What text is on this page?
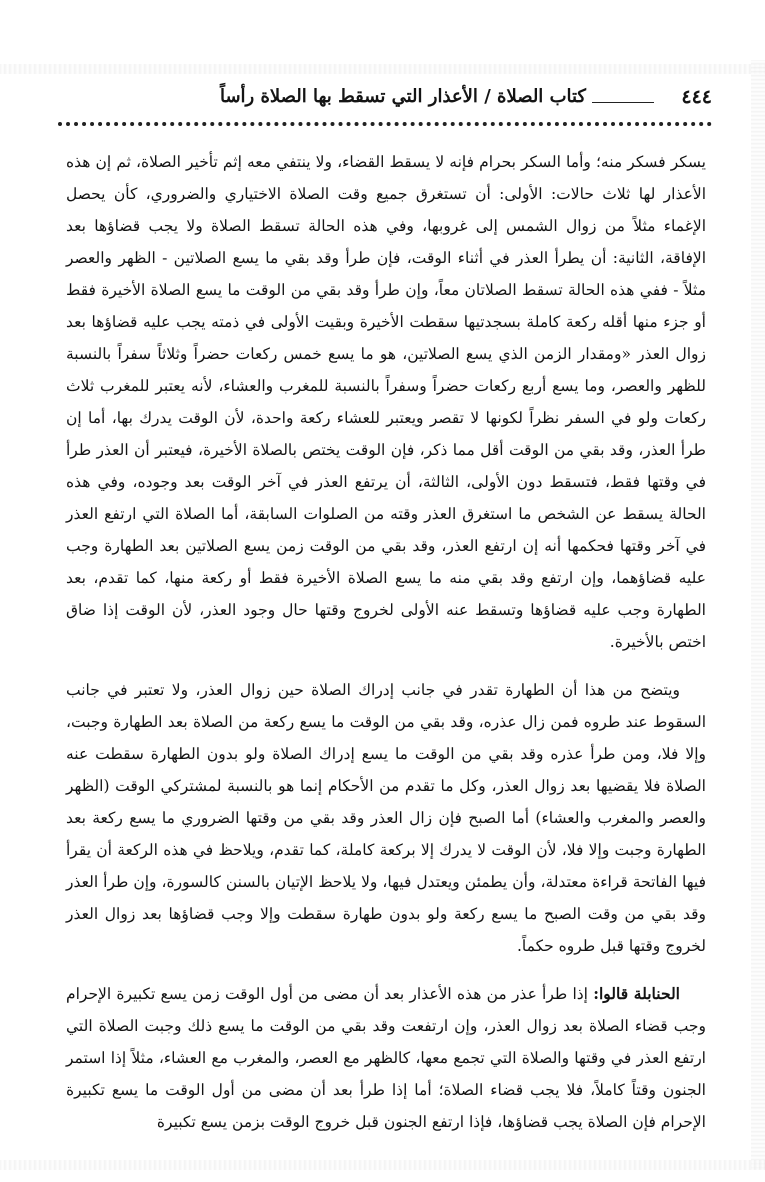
٤٤٤
كتاب الصلاة / الأعذار التي تسقط بها الصلاة رأساً

يسكر فسكر منه؛ وأما السكر بحرام فإنه لا يسقط القضاء، ولا ينتفي معه إثم تأخير الصلاة، ثم إن هذه الأعذار لها ثلاث حالات: الأولى: أن تستغرق جميع وقت الصلاة الاختياري والضروري، كأن يحصل الإغماء مثلاً من زوال الشمس إلى غروبها، وفي هذه الحالة تسقط الصلاة ولا يجب قضاؤها بعد الإفاقة، الثانية: أن يطرأ العذر في أثناء الوقت، فإن طرأ وقد بقي ما يسع الصلاتين - الظهر والعصر مثلاً - ففي هذه الحالة تسقط الصلاتان معاً، وإن طرأ وقد بقي من الوقت ما يسع الصلاة الأخيرة فقط أو جزء منها أقله ركعة كاملة بسجدتيها سقطت الأخيرة وبقيت الأولى في ذمته يجب عليه قضاؤها بعد زوال العذر «ومقدار الزمن الذي يسع الصلاتين، هو ما يسع خمس ركعات حضراً وثلاثاً سفراً بالنسبة للظهر والعصر، وما يسع أربع ركعات حضراً وسفراً بالنسبة للمغرب والعشاء، لأنه يعتبر للمغرب ثلاث ركعات ولو في السفر نظراً لكونها لا تقصر ويعتبر للعشاء ركعة واحدة، لأن الوقت يدرك بها، أما إن طرأ العذر، وقد بقي من الوقت أقل مما ذكر، فإن الوقت يختص بالصلاة الأخيرة، فيعتبر أن العذر طرأ في وقتها فقط، فتسقط دون الأولى، الثالثة، أن يرتفع العذر في آخر الوقت بعد وجوده، وفي هذه الحالة يسقط عن الشخص ما استغرق العذر وقته من الصلوات السابقة، أما الصلاة التي ارتفع العذر في آخر وقتها فحكمها أنه إن ارتفع العذر، وقد بقي من الوقت زمن يسع الصلاتين بعد الطهارة وجب عليه قضاؤهما، وإن ارتفع وقد بقي منه ما يسع الصلاة الأخيرة فقط أو ركعة منها، كما تقدم، بعد الطهارة وجب عليه قضاؤها وتسقط عنه الأولى لخروج وقتها حال وجود العذر، لأن الوقت إذا ضاق اختص بالأخيرة.

ويتضح من هذا أن الطهارة تقدر في جانب إدراك الصلاة حين زوال العذر، ولا تعتبر في جانب السقوط عند طروه فمن زال عذره، وقد بقي من الوقت ما يسع ركعة من الصلاة بعد الطهارة وجبت، وإلا فلا، ومن طرأ عذره وقد بقي من الوقت ما يسع إدراك الصلاة ولو بدون الطهارة سقطت عنه الصلاة فلا يقضيها بعد زوال العذر، وكل ما تقدم من الأحكام إنما هو بالنسبة لمشتركي الوقت (الظهر والعصر والمغرب والعشاء) أما الصبح فإن زال العذر وقد بقي من وقتها الضروري ما يسع ركعة بعد الطهارة وجبت وإلا فلا، لأن الوقت لا يدرك إلا بركعة كاملة، كما تقدم، ويلاحظ في هذه الركعة أن يقرأ فيها الفاتحة قراءة معتدلة، وأن يطمئن ويعتدل فيها، ولا يلاحظ الإتيان بالسنن كالسورة، وإن طرأ العذر وقد بقي من وقت الصبح ما يسع ركعة ولو بدون طهارة سقطت وإلا وجب قضاؤها بعد زوال العذر لخروج وقتها قبل طروه حكماً.

الحنابلة قالوا: إذا طرأ عذر من هذه الأعذار بعد أن مضى من أول الوقت زمن يسع تكبيرة الإحرام وجب قضاء الصلاة بعد زوال العذر، وإن ارتفعت وقد بقي من الوقت ما يسع ذلك وجبت الصلاة التي ارتفع العذر في وقتها والصلاة التي تجمع معها، كالظهر مع العصر، والمغرب مع العشاء، مثلاً إذا استمر الجنون وقتاً كاملاً، فلا يجب قضاء الصلاة؛ أما إذا طرأ بعد أن مضى من أول الوقت ما يسع تكبيرة الإحرام فإن الصلاة يجب قضاؤها، فإذا ارتفع الجنون قبل خروج الوقت بزمن يسع تكبيرة
